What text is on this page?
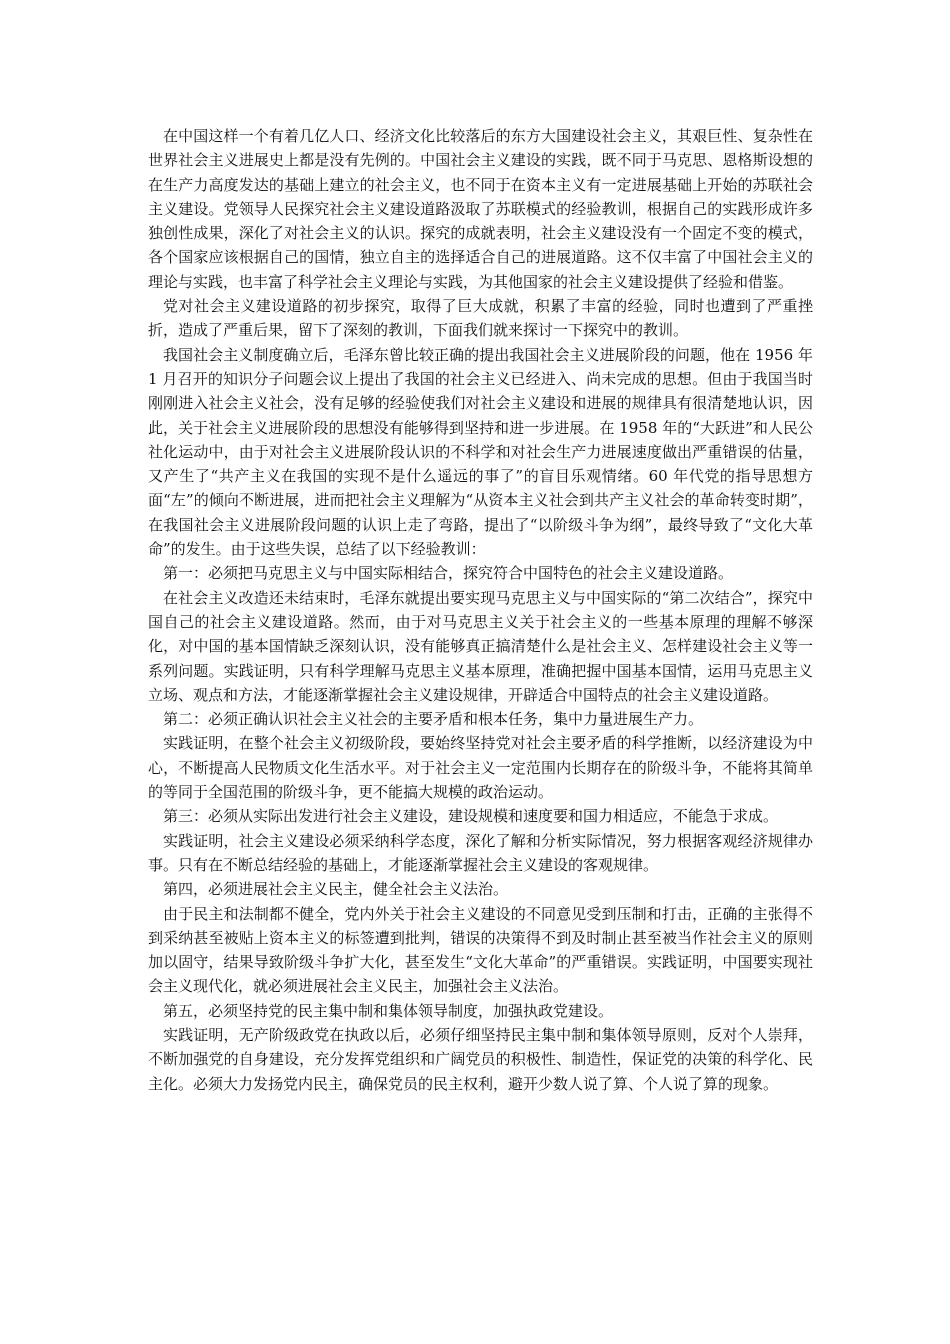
在中国这样一个有着几亿人口、经济文化比较落后的东方大国建设社会主义，其艰巨性、复杂性在世界社会主义进展史上都是没有先例的。中国社会主义建设的实践，既不同于马克思、恩格斯设想的在生产力高度发达的基础上建立的社会主义，也不同于在资本主义有一定进展基础上开始的苏联社会主义建设。党领导人民探究社会主义建设道路汲取了苏联模式的经验教训，根据自己的实践形成许多独创性成果，深化了对社会主义的认识。探究的成就表明，社会主义建设没有一个固定不变的模式，各个国家应该根据自己的国情，独立自主的选择适合自己的进展道路。这不仅丰富了中国社会主义的理论与实践，也丰富了科学社会主义理论与实践，为其他国家的社会主义建设提供了经验和借鉴。

党对社会主义建设道路的初步探究，取得了巨大成就，积累了丰富的经验，同时也遭到了严重挫折，造成了严重后果，留下了深刻的教训，下面我们就来探讨一下探究中的教训。

我国社会主义制度确立后，毛泽东曾比较正确的提出我国社会主义进展阶段的问题，他在 1956 年 1 月召开的知识分子问题会议上提出了我国的社会主义已经进入、尚未完成的思想。但由于我国当时刚刚进入社会主义社会，没有足够的经验使我们对社会主义建设和进展的规律具有很清楚地认识，因此，关于社会主义进展阶段的思想没有能够得到坚持和进一步进展。在 1958 年的“大跃进”和人民公社化运动中，由于对社会主义进展阶段认识的不科学和对社会生产力进展速度做出严重错误的估量，又产生了“共产主义在我国的实现不是什么遥远的事了”的盲目乐观情绪。60 年代党的指导思想方面“左”的倾向不断进展，进而把社会主义理解为“从资本主义社会到共产主义社会的革命转变时期”，在我国社会主义进展阶段问题的认识上走了弯路，提出了“以阶级斗争为纲”，最终导致了“文化大革命”的发生。由于这些失误，总结了以下经验教训：

第一：必须把马克思主义与中国实际相结合，探究符合中国特色的社会主义建设道路。

在社会主义改造还未结束时，毛泽东就提出要实现马克思主义与中国实际的“第二次结合”，探究中国自己的社会主义建设道路。然而，由于对马克思主义关于社会主义的一些基本原理的理解不够深化，对中国的基本国情缺乏深刻认识，没有能够真正搞清楚什么是社会主义、怎样建设社会主义等一系列问题。实践证明，只有科学理解马克思主义基本原理，准确把握中国基本国情，运用马克思主义立场、观点和方法，才能逐渐掌握社会主义建设规律，开辟适合中国特点的社会主义建设道路。

第二：必须正确认识社会主义社会的主要矛盾和根本任务，集中力量进展生产力。

实践证明，在整个社会主义初级阶段，要始终坚持党对社会主要矛盾的科学推断，以经济建设为中心，不断提高人民物质文化生活水平。对于社会主义一定范围内长期存在的阶级斗争，不能将其简单的等同于全国范围的阶级斗争，更不能搞大规模的政治运动。

第三：必须从实际出发进行社会主义建设，建设规模和速度要和国力相适应，不能急于求成。

实践证明，社会主义建设必须采纳科学态度，深化了解和分析实际情况，努力根据客观经济规律办事。只有在不断总结经验的基础上，才能逐渐掌握社会主义建设的客观规律。

第四，必须进展社会主义民主，健全社会主义法治。

由于民主和法制都不健全，党内外关于社会主义建设的不同意见受到压制和打击，正确的主张得不到采纳甚至被贴上资本主义的标签遭到批判，错误的决策得不到及时制止甚至被当作社会主义的原则加以固守，结果导致阶级斗争扩大化，甚至发生“文化大革命”的严重错误。实践证明，中国要实现社会主义现代化，就必须进展社会主义民主，加强社会主义法治。

第五，必须坚持党的民主集中制和集体领导制度，加强执政党建设。

实践证明，无产阶级政党在执政以后，必须仔细坚持民主集中制和集体领导原则，反对个人崇拜，不断加强党的自身建设，充分发挥党组织和广阔党员的积极性、制造性，保证党的决策的科学化、民主化。必须大力发扬党内民主，确保党员的民主权利，避开少数人说了算、个人说了算的现象。
